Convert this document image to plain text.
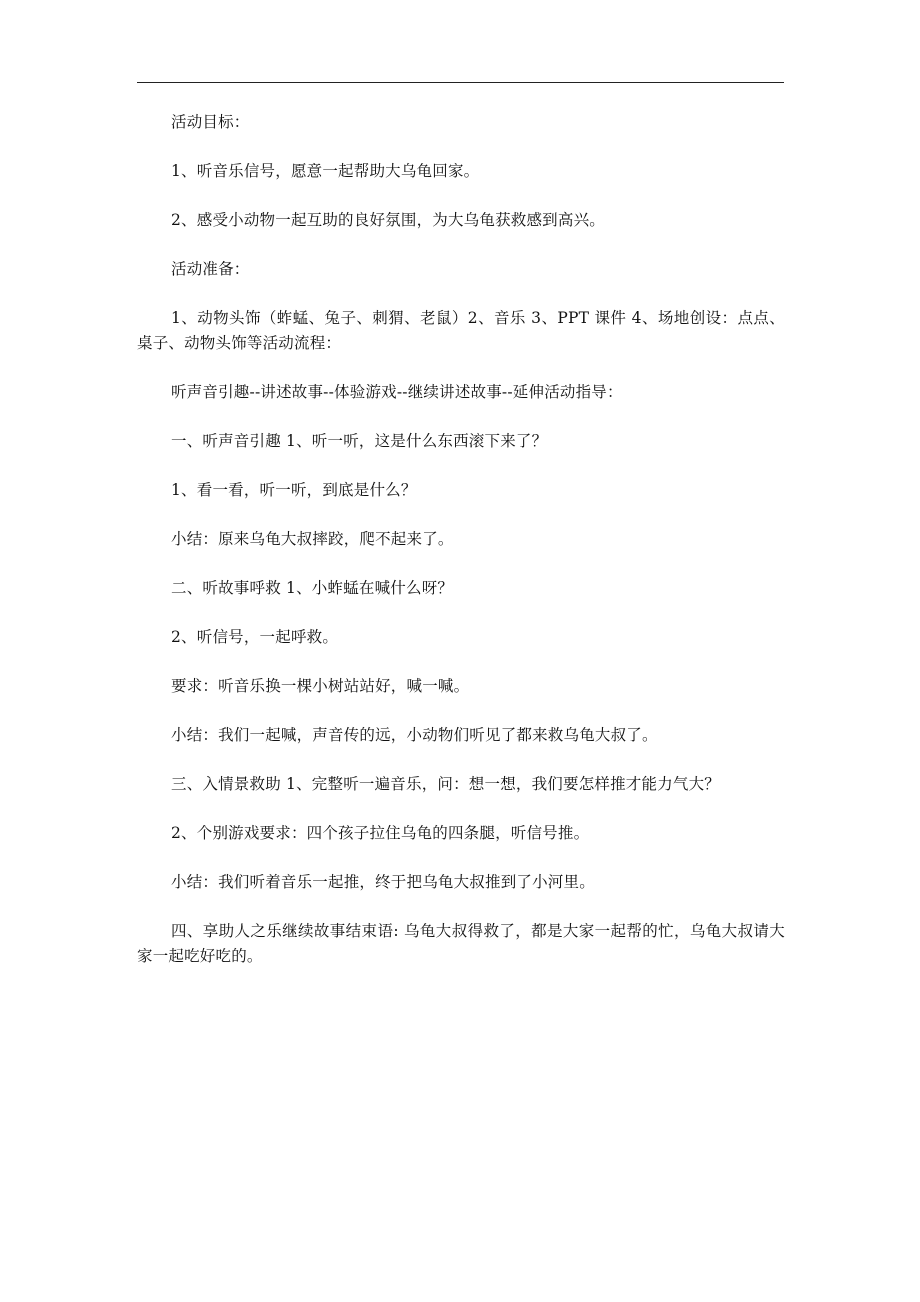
活动目标：

1、听音乐信号，愿意一起帮助大乌龟回家。

2、感受小动物一起互助的良好氛围，为大乌龟获救感到高兴。

活动准备：

1、动物头饰（蚱蜢、兔子、刺猬、老鼠）2、音乐 3、PPT 课件 4、场地创设：点点、桌子、动物头饰等活动流程：

听声音引趣--讲述故事--体验游戏--继续讲述故事--延伸活动指导：

一、听声音引趣 1、听一听，这是什么东西滚下来了？

1、看一看，听一听，到底是什么？

小结：原来乌龟大叔摔跤，爬不起来了。

二、听故事呼救 1、小蚱蜢在喊什么呀？

2、听信号，一起呼救。

要求：听音乐换一棵小树站站好，喊一喊。

小结：我们一起喊，声音传的远，小动物们听见了都来救乌龟大叔了。

三、入情景救助 1、完整听一遍音乐，问：想一想，我们要怎样推才能力气大？

2、个别游戏要求：四个孩子拉住乌龟的四条腿，听信号推。

小结：我们听着音乐一起推，终于把乌龟大叔推到了小河里。

四、享助人之乐继续故事结束语: 乌龟大叔得救了，都是大家一起帮的忙，乌龟大叔请大家一起吃好吃的。
